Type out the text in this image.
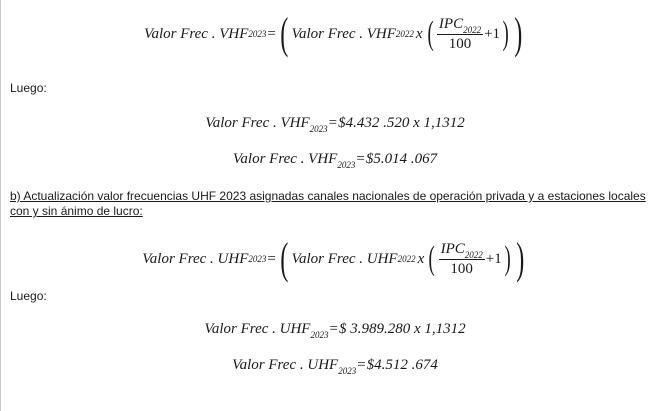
Valor Frec . VHF 2023 = ( Valor Frec . VHF 2022 x ( $\frac{IPC_{2022}}{100} +1$ ) )
Luego:
Valor Frec . $VHF_{2023}=\$4.432$ .520 x 1,1312
Valor Frec . $VHF_{2023}=\$5.014$ .067
b) Actualización valor frecuencias UHF 2023 asignadas canales nacionales de operación privada y a estaciones locales con y sin ánimo de lucro:
Valor Frec . UHF 2023 = ( Valor Frec . UHF 2022 x ( $\frac{IPC_{2022}}{100} +1$ ) )
Luego:
Valor Frec . $UHF_{2023}=\$$ 3.989.280 x 1,1312
Valor Frec . $UHF_{2023}=\$4.512$ .674
